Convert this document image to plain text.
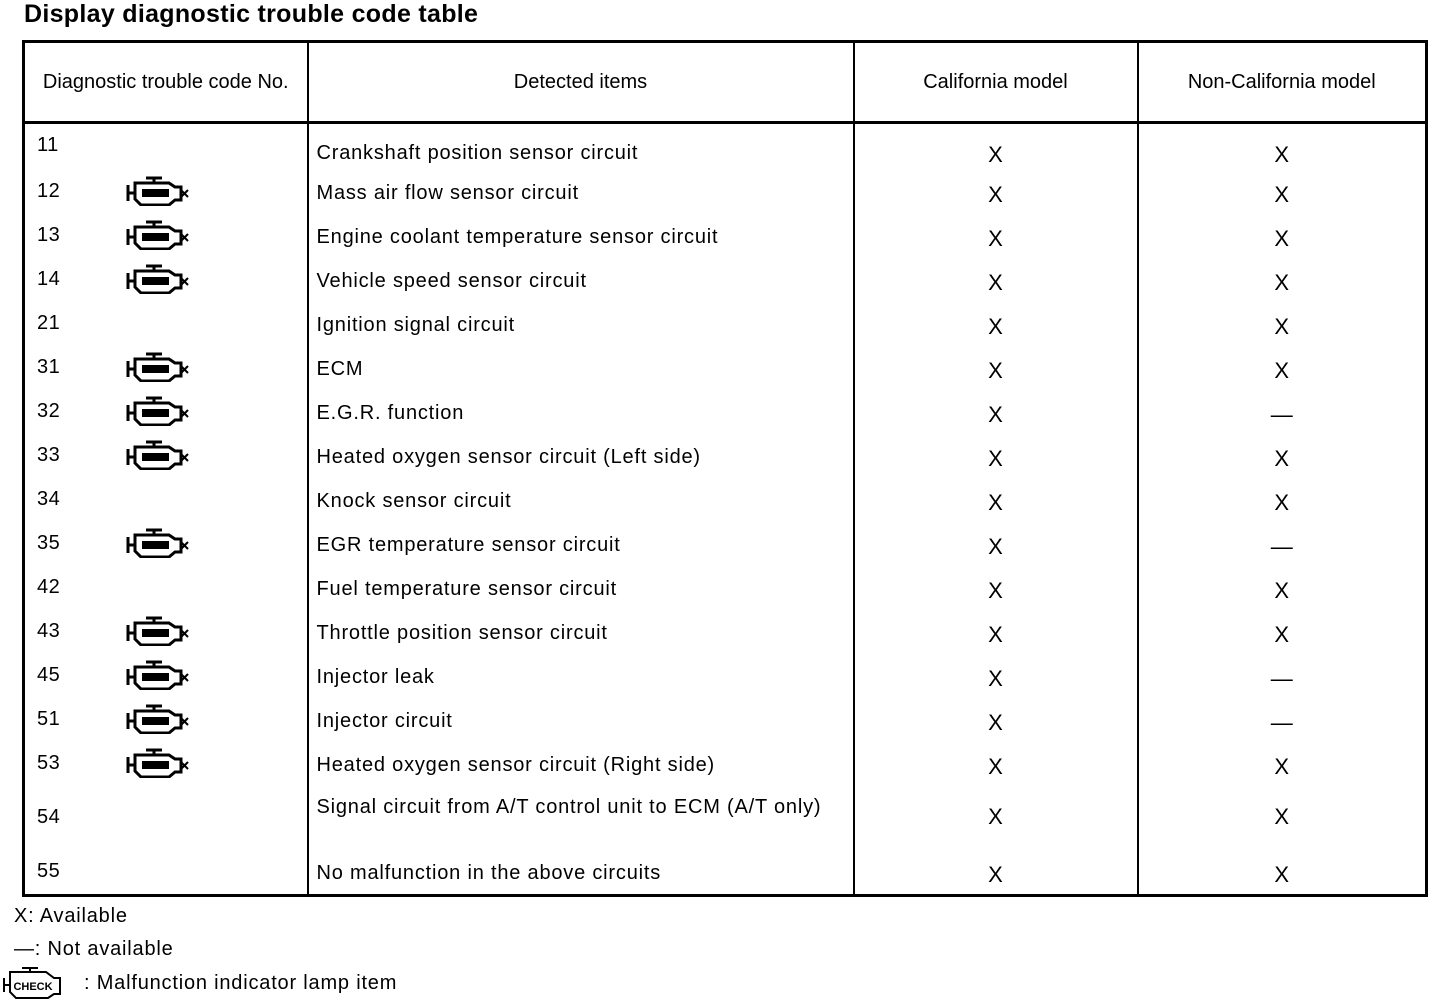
Display diagnostic trouble code table
Diagnostic trouble code No.	Detected items	California model	Non-California model

11	Crankshaft position sensor circuit	X	X

12	Mass air flow sensor circuit	X	X

13	Engine coolant temperature sensor circuit	X	X

14	Vehicle speed sensor circuit	X	X

21	Ignition signal circuit	X	X

31	ECM	X	X

32	E.G.R. function	X	—

33	Heated oxygen sensor circuit (Left side)	X	X

34	Knock sensor circuit	X	X

35	EGR temperature sensor circuit	X	—

42	Fuel temperature sensor circuit	X	X

43	Throttle position sensor circuit	X	X

45	Injector leak	X	—

51	Injector circuit	X	—

53	Heated oxygen sensor circuit (Right side)	X	X

54	Signal circuit from A/T control unit to ECM (A/T only)	X	X

55	No malfunction in the above circuits	X	X
X: Available
—: Not available
CHECK : Malfunction indicator lamp item
